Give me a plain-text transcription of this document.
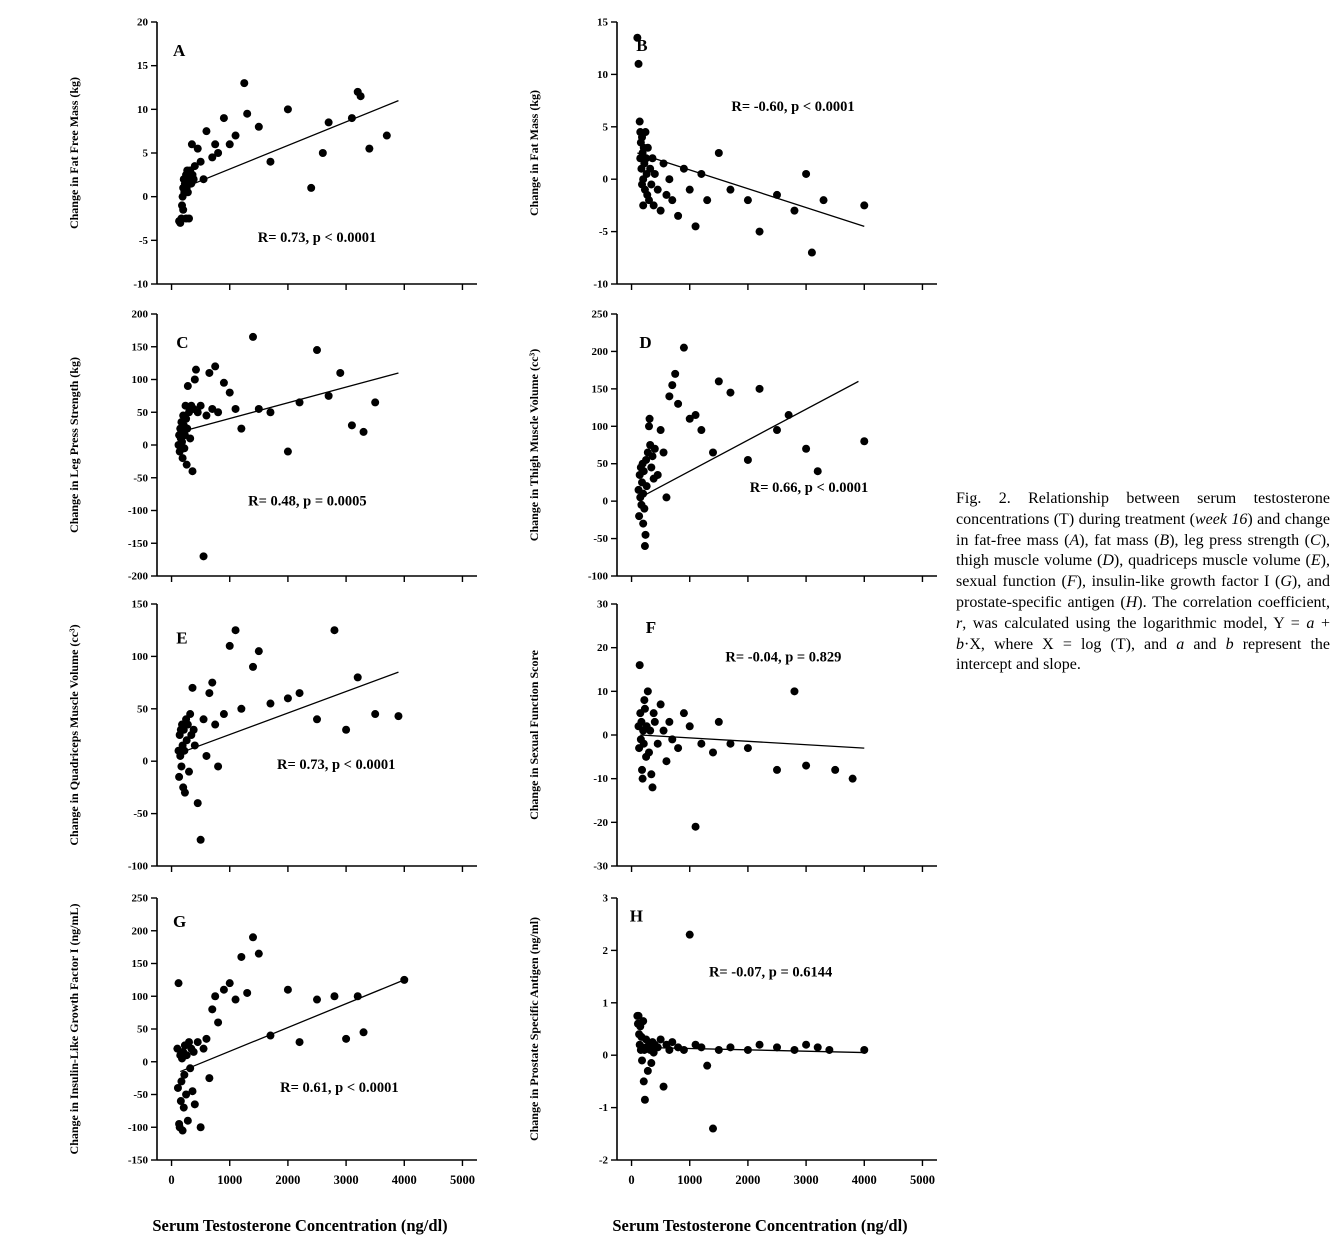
20
15
10
5
0
-5
-10
A
R= 0.73, p < 0.0001
Change in Fat Free Mass (kg)
15
10
5
0
-5
-10
B
R= -0.60, p < 0.0001
Change in Fat Mass (kg)
200
150
100
50
0
-50
-100
-150
-200
C
R= 0.48, p = 0.0005
Change in Leg Press Strength (kg)
250
200
150
100
50
0
-50
-100
D
R= 0.66, p < 0.0001
Change in Thigh Muscle Volume (cc³)
150
100
50
0
-50
-100
E
R= 0.73, p < 0.0001
Change in Quadriceps Muscle Volume (cc³)
30
20
10
0
-10
-20
-30
F
R= -0.04, p = 0.829
Change in Sexual Function Score
250
200
150
100
50
0
-50
-100
-150
0	1000	2000	3000	4000	5000
G
R= 0.61, p < 0.0001
Change in Insulin-Like Growth Factor I (ng/mL)
3
2
1
0
-1
-2
0	1000	2000	3000	4000	5000
H
R= -0.07, p = 0.6144
Change in Prostate Specific Antigen (ng/ml)
Serum Testosterone Concentration (ng/dl)	Serum Testosterone Concentration (ng/dl)
Fig. 2. Relationship between serum testosterone concentrations (T) during treatment (week 16) and change in fat-free mass (A), fat mass (B), leg press strength (C), thigh muscle volume (D), quadriceps muscle volume (E), sexual function (F), insulin-like growth factor I (G), and prostate-specific antigen (H). The correlation coefficient, r, was calculated using the logarithmic model, Y = a + b·X, where X = log (T), and a and b represent the intercept and slope.
